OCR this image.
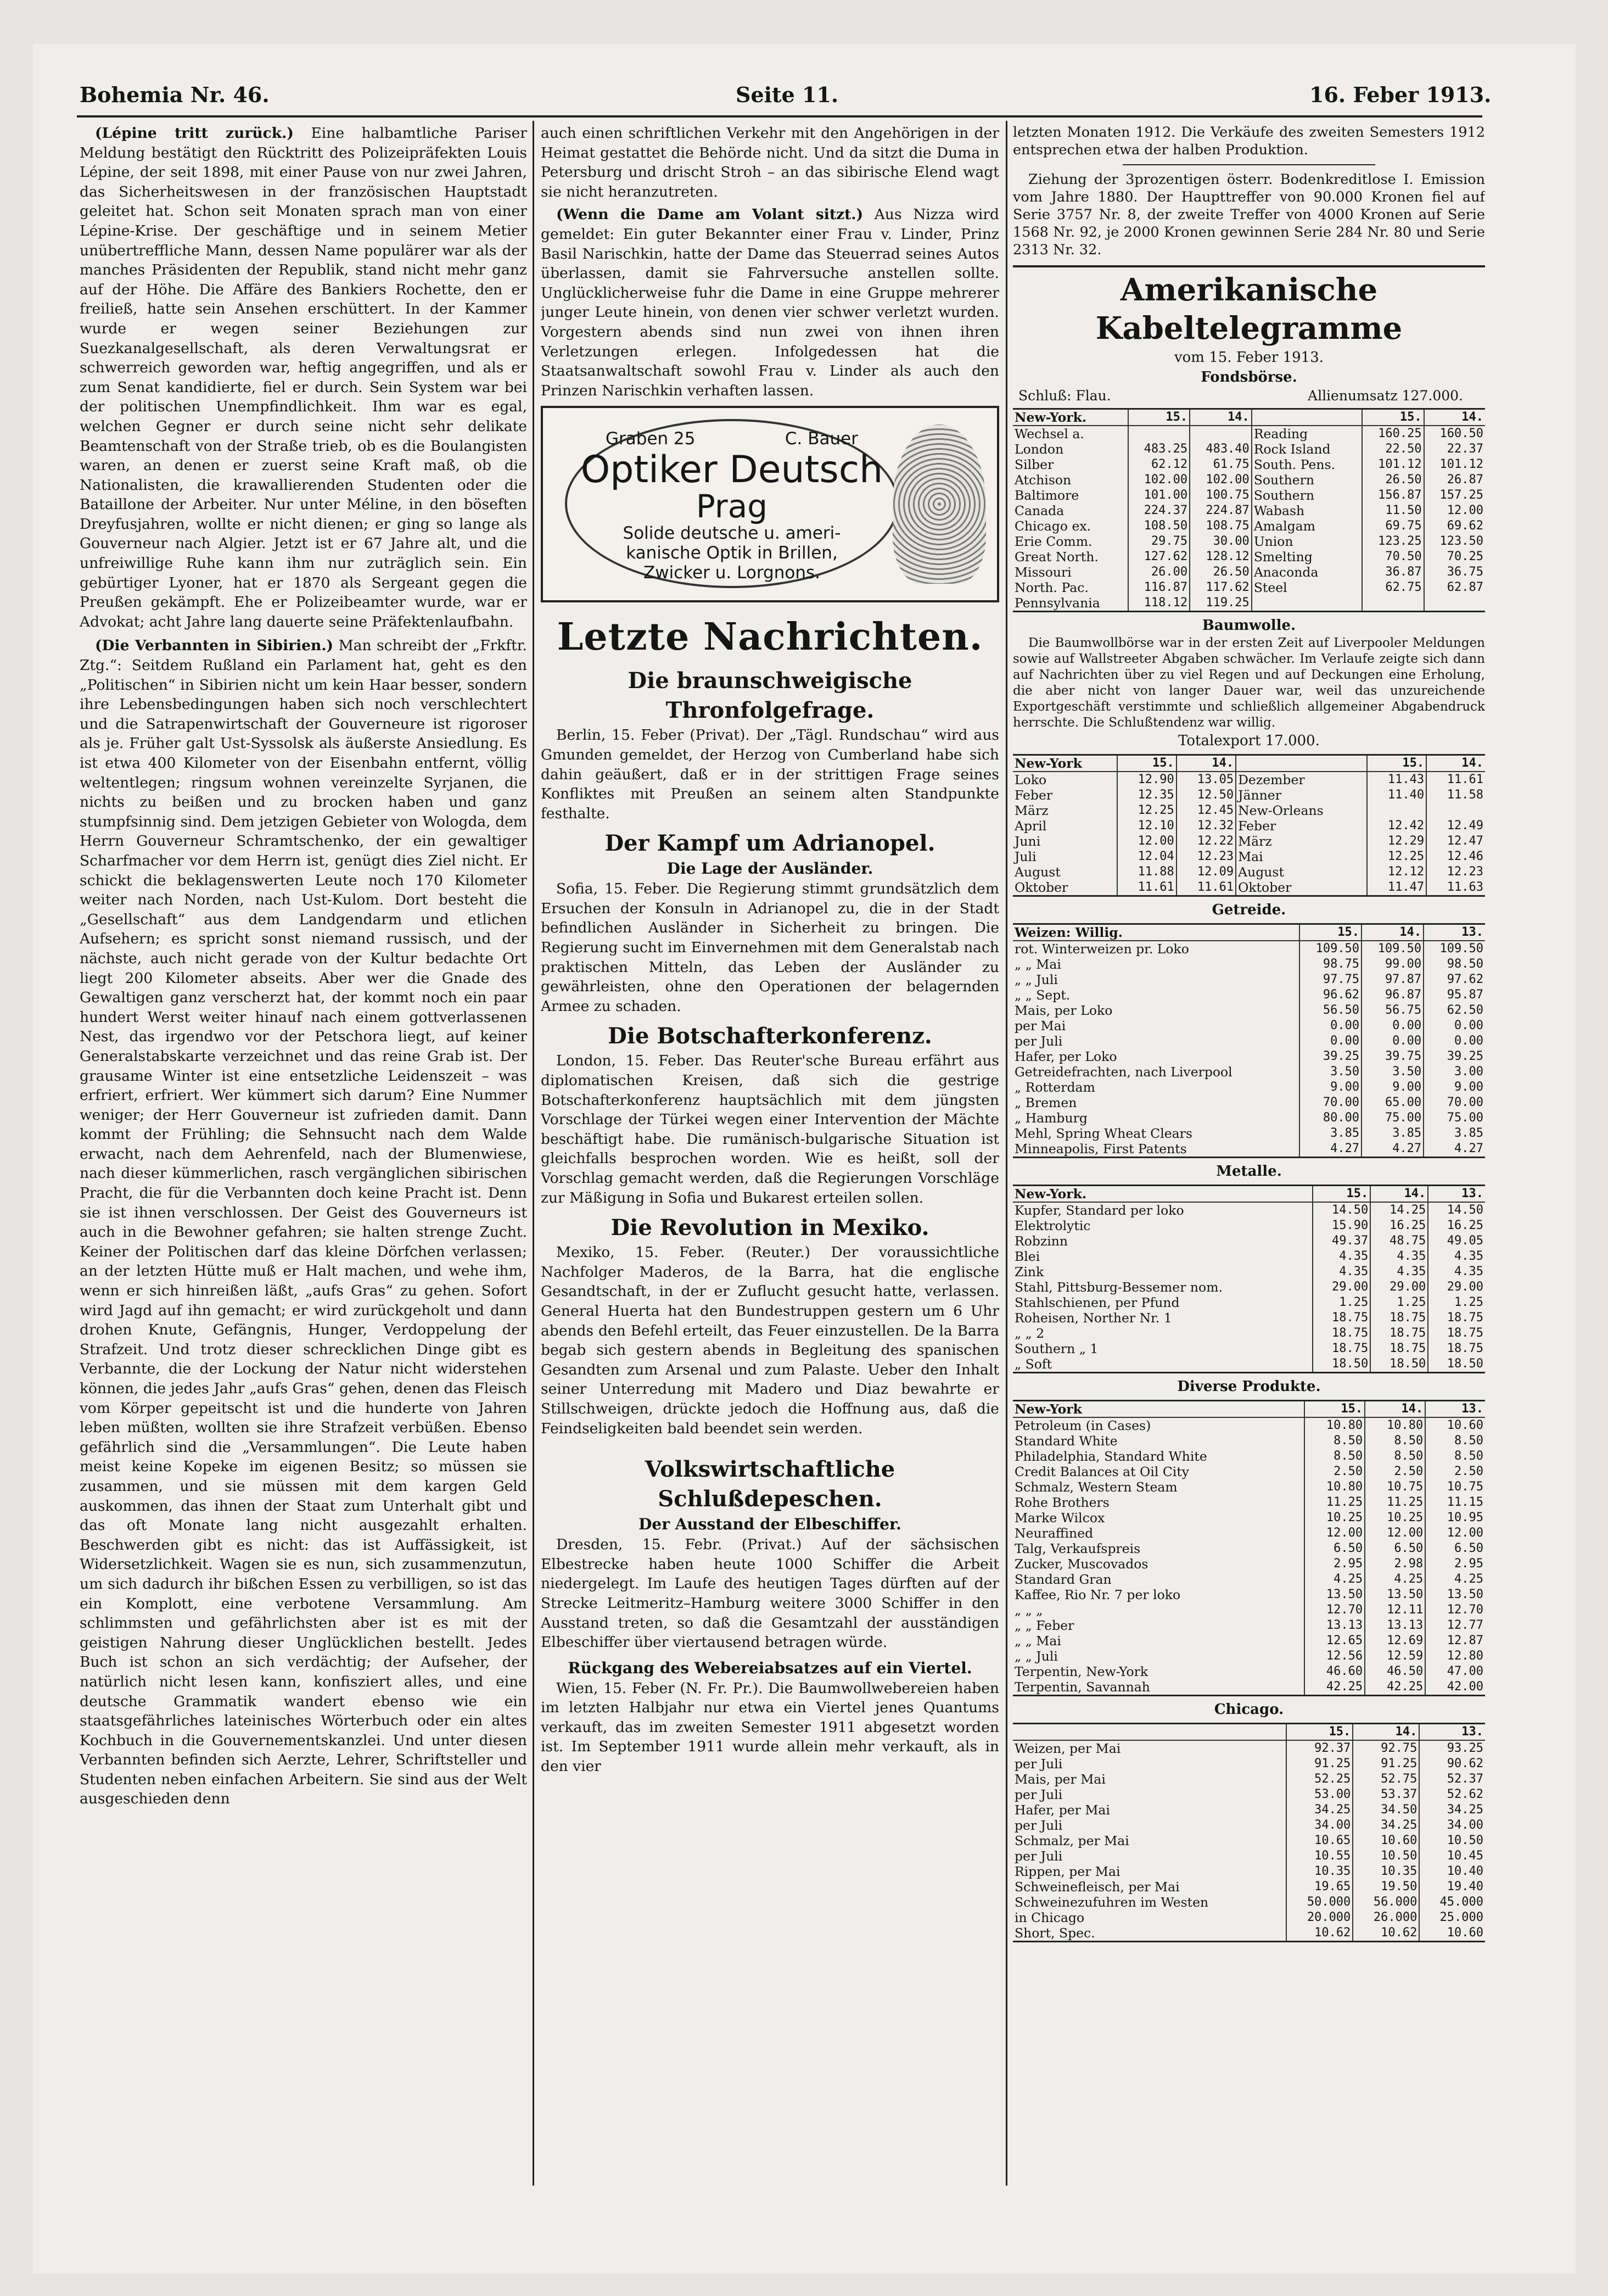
Bohemia Nr. 46.	Seite 11.	16. Feber 1913.

(Lépine tritt zurück.) Eine halbamtliche Pariser Meldung bestätigt den Rücktritt des Polizeipräfekten Louis Lépine, der seit 1898, mit einer Pause von nur zwei Jahren, das Sicherheitswesen in der französischen Hauptstadt geleitet hat. Schon seit Monaten sprach man von einer Lépine-Krise. Der geschäftige und in seinem Metier unübertreffliche Mann, dessen Name populärer war als der manches Präsidenten der Republik, stand nicht mehr ganz auf der Höhe. Die Affäre des Bankiers Rochette, den er freiließ, hatte sein Ansehen erschüttert. In der Kammer wurde er wegen seiner Beziehungen zur Suezkanalgesellschaft, als deren Verwaltungsrat er schwerreich geworden war, heftig angegriffen, und als er zum Senat kandidierte, fiel er durch. Sein System war bei der politischen Unempfindlichkeit. Ihm war es egal, welchen Gegner er durch seine nicht sehr delikate Beamtenschaft von der Straße trieb, ob es die Boulangisten waren, an denen er zuerst seine Kraft maß, ob die Nationalisten, die krawallierenden Studenten oder die Bataillone der Arbeiter. Nur unter Méline, in den böseften Dreyfusjahren, wollte er nicht dienen; er ging so lange als Gouverneur nach Algier. Jetzt ist er 67 Jahre alt, und die unfreiwillige Ruhe kann ihm nur zuträglich sein. Ein gebürtiger Lyoner, hat er 1870 als Sergeant gegen die Preußen gekämpft. Ehe er Polizeibeamter wurde, war er Advokat; acht Jahre lang dauerte seine Präfektenlaufbahn.

(Die Verbannten in Sibirien.) Man schreibt der „Frkftr. Ztg.“: Seitdem Rußland ein Parlament hat, geht es den „Politischen“ in Sibirien nicht um kein Haar besser, sondern ihre Lebensbedingungen haben sich noch verschlechtert und die Satrapenwirtschaft der Gouverneure ist rigoroser als je. Früher galt Ust-Syssolsk als äußerste Ansiedlung. Es ist etwa 400 Kilometer von der Eisenbahn entfernt, völlig weltentlegen; ringsum wohnen vereinzelte Syrjanen, die nichts zu beißen und zu brocken haben und ganz stumpfsinnig sind. Dem jetzigen Gebieter von Wologda, dem Herrn Gouverneur Schramtschenko, der ein gewaltiger Scharfmacher vor dem Herrn ist, genügt dies Ziel nicht. Er schickt die beklagenswerten Leute noch 170 Kilometer weiter nach Norden, nach Ust-Kulom. Dort besteht die „Gesellschaft“ aus dem Landgendarm und etlichen Aufsehern; es spricht sonst niemand russisch, und der nächste, auch nicht gerade von der Kultur bedachte Ort liegt 200 Kilometer abseits. Aber wer die Gnade des Gewaltigen ganz verscherzt hat, der kommt noch ein paar hundert Werst weiter hinauf nach einem gottverlassenen Nest, das irgendwo vor der Petschora liegt, auf keiner Generalstabskarte verzeichnet und das reine Grab ist. Der grausame Winter ist eine entsetzliche Leidenszeit – was erfriert, erfriert. Wer kümmert sich darum? Eine Nummer weniger; der Herr Gouverneur ist zufrieden damit. Dann kommt der Frühling; die Sehnsucht nach dem Walde erwacht, nach dem Aehrenfeld, nach der Blumenwiese, nach dieser kümmerlichen, rasch vergänglichen sibirischen Pracht, die für die Verbannten doch keine Pracht ist. Denn sie ist ihnen verschlossen. Der Geist des Gouverneurs ist auch in die Bewohner gefahren; sie halten strenge Zucht. Keiner der Politischen darf das kleine Dörfchen verlassen; an der letzten Hütte muß er Halt machen, und wehe ihm, wenn er sich hinreißen läßt, „aufs Gras“ zu gehen. Sofort wird Jagd auf ihn gemacht; er wird zurückgeholt und dann drohen Knute, Gefängnis, Hunger, Verdoppelung der Strafzeit. Und trotz dieser schrecklichen Dinge gibt es Verbannte, die der Lockung der Natur nicht widerstehen können, die jedes Jahr „aufs Gras“ gehen, denen das Fleisch vom Körper gepeitscht ist und die hunderte von Jahren leben müßten, wollten sie ihre Strafzeit verbüßen. Ebenso gefährlich sind die „Versammlungen“. Die Leute haben meist keine Kopeke im eigenen Besitz; so müssen sie zusammen, und sie müssen mit dem kargen Geld auskommen, das ihnen der Staat zum Unterhalt gibt und das oft Monate lang nicht ausgezahlt erhalten. Beschwerden gibt es nicht: das ist Auffässigkeit, ist Widersetzlichkeit. Wagen sie es nun, sich zusammenzutun, um sich dadurch ihr bißchen Essen zu verbilligen, so ist das ein Komplott, eine verbotene Versammlung. Am schlimmsten und gefährlichsten aber ist es mit der geistigen Nahrung dieser Unglücklichen bestellt. Jedes Buch ist schon an sich verdächtig; der Aufseher, der natürlich nicht lesen kann, konfisziert alles, und eine deutsche Grammatik wandert ebenso wie ein staatsgefährliches lateinisches Wörterbuch oder ein altes Kochbuch in die Gouvernementskanzlei. Und unter diesen Verbannten befinden sich Aerzte, Lehrer, Schriftsteller und Studenten neben einfachen Arbeitern. Sie sind aus der Welt ausgeschieden denn

auch einen schriftlichen Verkehr mit den Angehörigen in der Heimat gestattet die Behörde nicht. Und da sitzt die Duma in Petersburg und drischt Stroh – an das sibirische Elend wagt sie nicht heranzutreten.

(Wenn die Dame am Volant sitzt.) Aus Nizza wird gemeldet: Ein guter Bekannter einer Frau v. Linder, Prinz Basil Narischkin, hatte der Dame das Steuerrad seines Autos überlassen, damit sie Fahrversuche anstellen sollte. Unglücklicherweise fuhr die Dame in eine Gruppe mehrerer junger Leute hinein, von denen vier schwer verletzt wurden. Vorgestern abends sind nun zwei von ihnen ihren Verletzungen erlegen. Infolgedessen hat die Staatsanwaltschaft sowohl Frau v. Linder als auch den Prinzen Narischkin verhaften lassen.

Graben 25	C. Bauer
Optiker Deutsch
Prag
Solide deutsche u. ameri-
kanische Optik in Brillen,
Zwicker u. Lorgnons.
Letzte Nachrichten.
Die braunschweigische Thronfolgefrage.

Berlin, 15. Feber (Privat). Der „Tägl. Rundschau“ wird aus Gmunden gemeldet, der Herzog von Cumberland habe sich dahin geäußert, daß er in der strittigen Frage seines Konfliktes mit Preußen an seinem alten Standpunkte festhalte.

Der Kampf um Adrianopel.
Die Lage der Ausländer.

Sofia, 15. Feber. Die Regierung stimmt grundsätzlich dem Ersuchen der Konsuln in Adrianopel zu, die in der Stadt befindlichen Ausländer in Sicherheit zu bringen. Die Regierung sucht im Einvernehmen mit dem Generalstab nach praktischen Mitteln, das Leben der Ausländer zu gewährleisten, ohne den Operationen der belagernden Armee zu schaden.

Die Botschafterkonferenz.

London, 15. Feber. Das Reuter'sche Bureau erfährt aus diplomatischen Kreisen, daß sich die gestrige Botschafterkonferenz hauptsächlich mit dem jüngsten Vorschlage der Türkei wegen einer Intervention der Mächte beschäftigt habe. Die rumänisch-bulgarische Situation ist gleichfalls besprochen worden. Wie es heißt, soll der Vorschlag gemacht werden, daß die Regierungen Vorschläge zur Mäßigung in Sofia und Bukarest erteilen sollen.

Die Revolution in Mexiko.

Mexiko, 15. Feber. (Reuter.) Der voraussichtliche Nachfolger Maderos, de la Barra, hat die englische Gesandtschaft, in der er Zuflucht gesucht hatte, verlassen. General Huerta hat den Bundestruppen gestern um 6 Uhr abends den Befehl erteilt, das Feuer einzustellen. De la Barra begab sich gestern abends in Begleitung des spanischen Gesandten zum Arsenal und zum Palaste. Ueber den Inhalt seiner Unterredung mit Madero und Diaz bewahrte er Stillschweigen, drückte jedoch die Hoffnung aus, daß die Feindseligkeiten bald beendet sein werden.

Volkswirtschaftliche Schlußdepeschen.
Der Ausstand der Elbeschiffer.

Dresden, 15. Febr. (Privat.) Auf der sächsischen Elbestrecke haben heute 1000 Schiffer die Arbeit niedergelegt. Im Laufe des heutigen Tages dürften auf der Strecke Leitmeritz–Hamburg weitere 3000 Schiffer in den Ausstand treten, so daß die Gesamtzahl der ausständigen Elbeschiffer über viertausend betragen würde.

Rückgang des Webereiabsatzes auf ein Viertel.

Wien, 15. Feber (N. Fr. Pr.). Die Baumwollwebereien haben im letzten Halbjahr nur etwa ein Viertel jenes Quantums verkauft, das im zweiten Semester 1911 abgesetzt worden ist. Im September 1911 wurde allein mehr verkauft, als in den vier

letzten Monaten 1912. Die Verkäufe des zweiten Semesters 1912 entsprechen etwa der halben Produktion.

Ziehung der 3prozentigen österr. Bodenkreditlose I. Emission vom Jahre 1880. Der Haupttreffer von 90.000 Kronen fiel auf Serie 3757 Nr. 8, der zweite Treffer von 4000 Kronen auf Serie 1568 Nr. 92, je 2000 Kronen gewinnen Serie 284 Nr. 80 und Serie 2313 Nr. 32.

Amerikanische Kabeltelegramme
vom 15. Feber 1913.
Fondsbörse.
Schluß: Flau.	Allienumsatz 127.000.
New-York.	15.	14.		15.	14.
Wechsel a.			Reading	160.25	160.50
London	483.25	483.40	Rock Island	22.50	22.37
Silber	62.12	61.75	South. Pens.	101.12	101.12
Atchison	102.00	102.00	Southern	26.50	26.87
Baltimore	101.00	100.75	Southern	156.87	157.25
Canada	224.37	224.87	Wabash	11.50	12.00
Chicago ex.	108.50	108.75	Amalgam	69.75	69.62
Erie Comm.	29.75	30.00	Union	123.25	123.50
Great North.	127.62	128.12	Smelting	70.50	70.25
Missouri	26.00	26.50	Anaconda	36.87	36.75
North. Pac.	116.87	117.62	Steel	62.75	62.87
Pennsylvania	118.12	119.25			
Baumwolle.

Die Baumwollbörse war in der ersten Zeit auf Liverpooler Meldungen sowie auf Wallstreeter Abgaben schwächer. Im Verlaufe zeigte sich dann auf Nachrichten über zu viel Regen und auf Deckungen eine Erholung, die aber nicht von langer Dauer war, weil das unzureichende Exportgeschäft verstimmte und schließlich allgemeiner Abgabendruck herrschte. Die Schlußtendenz war willig.

Totalexport 17.000.
New-York	15.	14.		15.	14.
Loko	12.90	13.05	Dezember	11.43	11.61
Feber	12.35	12.50	Jänner	11.40	11.58
März	12.25	12.45	New-Orleans		
April	12.10	12.32	Feber	12.42	12.49
Juni	12.00	12.22	März	12.29	12.47
Juli	12.04	12.23	Mai	12.25	12.46
August	11.88	12.09	August	12.12	12.23
Oktober	11.61	11.61	Oktober	11.47	11.63
Getreide.
Weizen: Willig.	15.	14.	13.
rot. Winterweizen pr. Loko	109.50	109.50	109.50
„ „ Mai	98.75	99.00	98.50
„ „ Juli	97.75	97.87	97.62
„ „ Sept.	96.62	96.87	95.87
Mais, per Loko	56.50	56.75	62.50
per Mai	0.00	0.00	0.00
per Juli	0.00	0.00	0.00
Hafer, per Loko	39.25	39.75	39.25
Getreidefrachten, nach Liverpool	3.50	3.50	3.00
„ Rotterdam	9.00	9.00	9.00
„ Bremen	70.00	65.00	70.00
„ Hamburg	80.00	75.00	75.00
Mehl, Spring Wheat Clears	3.85	3.85	3.85
Minneapolis, First Patents	4.27	4.27	4.27
Metalle.
New-York.	15.	14.	13.
Kupfer, Standard per loko	14.50	14.25	14.50
Elektrolytic	15.90	16.25	16.25
Robzinn	49.37	48.75	49.05
Blei	4.35	4.35	4.35
Zink	4.35	4.35	4.35
Stahl, Pittsburg-Bessemer nom.	29.00	29.00	29.00
Stahlschienen, per Pfund	1.25	1.25	1.25
Roheisen, Norther Nr. 1	18.75	18.75	18.75
„ „ 2	18.75	18.75	18.75
Southern „ 1	18.75	18.75	18.75
„ Soft	18.50	18.50	18.50
Diverse Produkte.
New-York	15.	14.	13.
Petroleum (in Cases)	10.80	10.80	10.60
Standard White	8.50	8.50	8.50
Philadelphia, Standard White	8.50	8.50	8.50
Credit Balances at Oil City	2.50	2.50	2.50
Schmalz, Western Steam	10.80	10.75	10.75
Rohe Brothers	11.25	11.25	11.15
Marke Wilcox	10.25	10.25	10.95
Neuraffined	12.00	12.00	12.00
Talg, Verkaufspreis	6.50	6.50	6.50
Zucker, Muscovados	2.95	2.98	2.95
Standard Gran	4.25	4.25	4.25
Kaffee, Rio Nr. 7 per loko	13.50	13.50	13.50
„ „ „	12.70	12.11	12.70
„ „ Feber	13.13	13.13	12.77
„ „ Mai	12.65	12.69	12.87
„ „ Juli	12.56	12.59	12.80
Terpentin, New-York	46.60	46.50	47.00
Terpentin, Savannah	42.25	42.25	42.00
Chicago.
	15.	14.	13.
Weizen, per Mai	92.37	92.75	93.25
per Juli	91.25	91.25	90.62
Mais, per Mai	52.25	52.75	52.37
per Juli	53.00	53.37	52.62
Hafer, per Mai	34.25	34.50	34.25
per Juli	34.00	34.25	34.00
Schmalz, per Mai	10.65	10.60	10.50
per Juli	10.55	10.50	10.45
Rippen, per Mai	10.35	10.35	10.40
Schweinefleisch, per Mai	19.65	19.50	19.40
Schweinezufuhren im Westen	50.000	56.000	45.000
in Chicago	20.000	26.000	25.000
Short, Spec.	10.62	10.62	10.60
